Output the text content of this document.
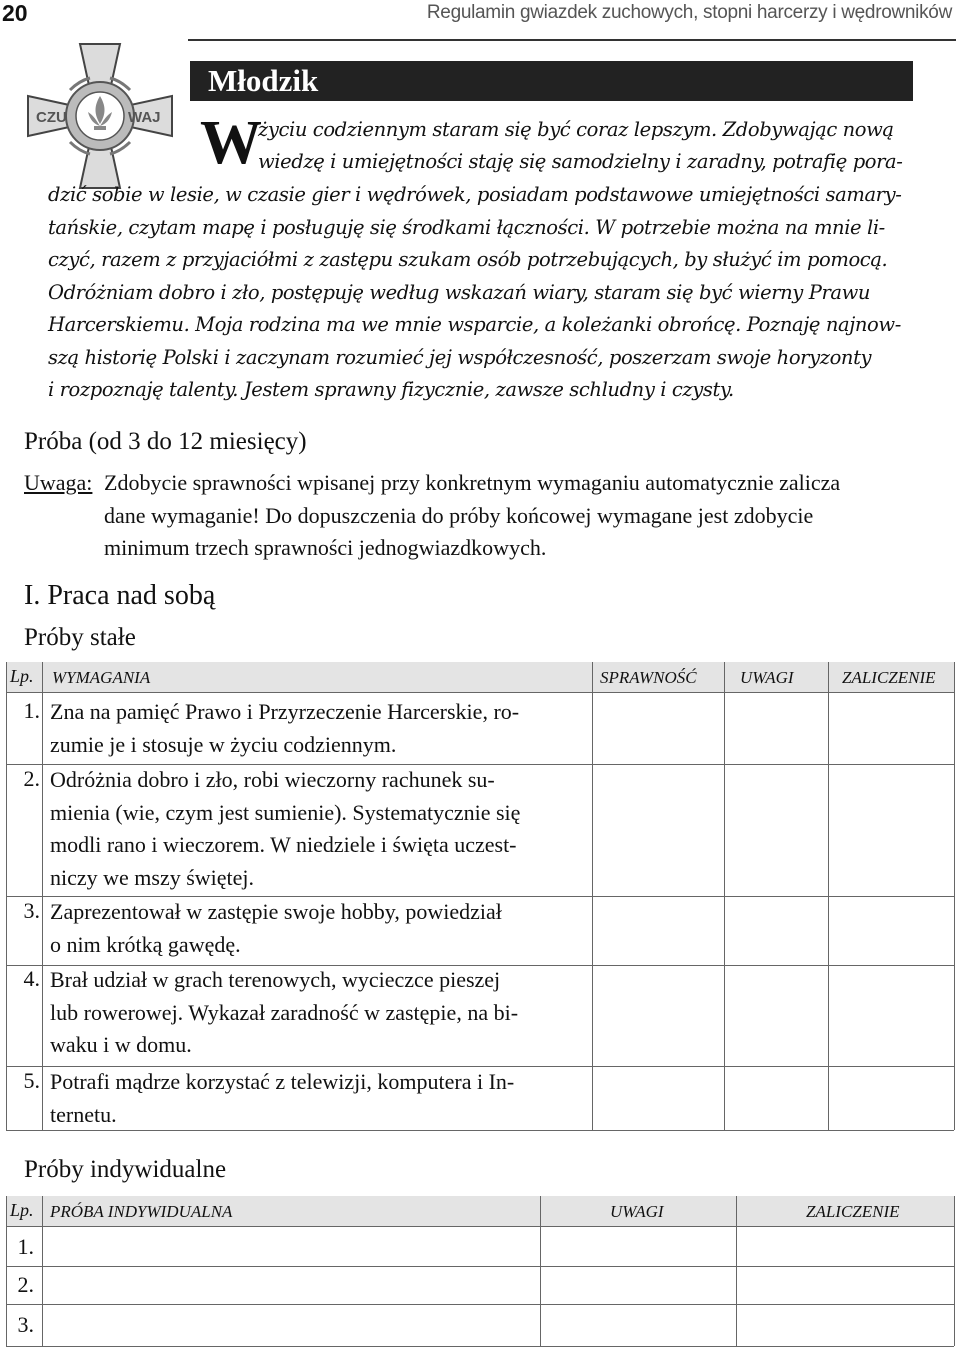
20	Regulamin gwiazdek zuchowych, stopni harcerzy i wędrowników
CZU	WAJ
Młodzik
W
życiu codziennym staram się być coraz lepszym. Zdobywając nową
wiedzę i umiejętności staję się samodzielny i zaradny, potrafię pora-
dzić sobie w lesie, w czasie gier i wędrówek, posiadam podstawowe umiejętności samary-
tańskie, czytam mapę i posługuję się środkami łączności. W potrzebie można na mnie li-
czyć, razem z przyjaciółmi z zastępu szukam osób potrzebujących, by służyć im pomocą.
Odróżniam dobro i zło, postępuję według wskazań wiary, staram się być wierny Prawu
Harcerskiemu. Moja rodzina ma we mnie wsparcie, a koleżanki obrońcę. Poznaję najnow-
szą historię Polski i zaczynam rozumieć jej współczesność, poszerzam swoje horyzonty
i rozpoznaję talenty. Jestem sprawny fizycznie, zawsze schludny i czysty.
Próba (od 3 do 12 miesięcy)
Uwaga: Zdobycie sprawności wpisanej przy konkretnym wymaganiu automatycznie zalicza
dane wymaganie! Do dopuszczenia do próby końcowej wymagane jest zdobycie
minimum trzech sprawności jednogwiazdkowych.
I. Praca nad sobą
Próby stałe
Lp. WYMAGANIA	SPRAWNOŚĆ	UWAGI	ZALICZENIE
1. Zna na pamięć Prawo i Przyrzeczenie Harcerskie, ro-
zumie je i stosuje w życiu codziennym.
2. Odróżnia dobro i zło, robi wieczorny rachunek su-
mienia (wie, czym jest sumienie). Systematycznie się
modli rano i wieczorem. W niedziele i święta uczest-
niczy we mszy świętej.
3. Zaprezentował w zastępie swoje hobby, powiedział
o nim krótką gawędę.
4. Brał udział w grach terenowych, wycieczce pieszej
lub rowerowej. Wykazał zaradność w zastępie, na bi-
waku i w domu.
5. Potrafi mądrze korzystać z telewizji, komputera i In-
ternetu.
Próby indywidualne
Lp. PRÓBA INDYWIDUALNA	UWAGI	ZALICZENIE
1.
2.
3.
